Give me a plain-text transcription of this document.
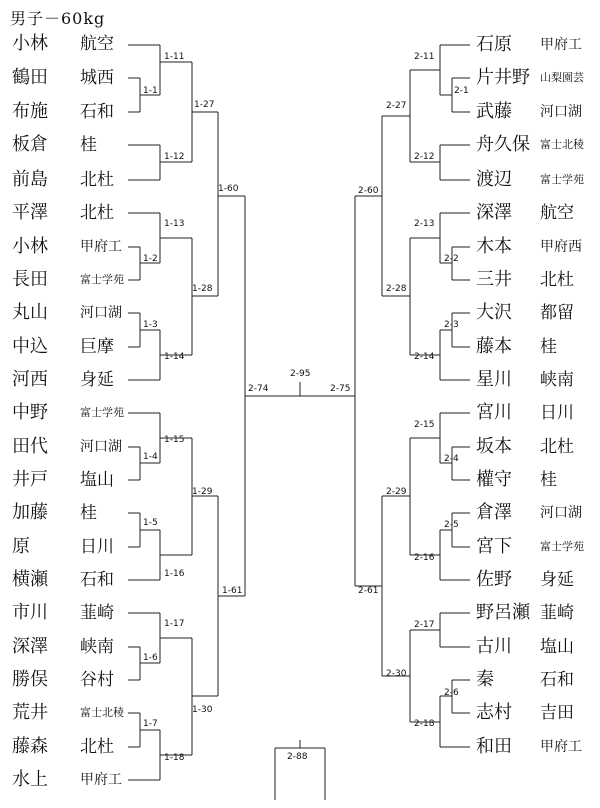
男子－60kg
小林 航空
鶴田 城西
布施 石和
板倉 桂
前島 北杜
平澤 北杜
小林 甲府工
長田	富士学苑
丸山 河口湖
中込 巨摩
河西 身延
中野	富士学苑
田代 河口湖
井戸 塩山
加藤 桂
原	日川
横瀬 石和
市川 韮崎
深澤 峡南
勝俣 谷村
荒井	富士北稜
藤森 北杜
水上 甲府工
石原 甲府工
片井野 山梨園芸
武藤 河口湖
舟久保 富士北稜
渡辺	富士学苑
深澤 航空
木本 甲府西
三井 北杜
大沢 都留
藤本 桂
星川 峡南
宮川 日川
坂本 北杜
權守 桂
倉澤 河口湖
宮下	富士学苑
佐野 身延
野呂瀬 韮崎
古川 塩山
秦	石和
志村 吉田
和田 甲府工
1-11
1-1
1-27
1-12
1-60
1-13
1-2
1-28
1-3
1-14
2-74
1-15
1-4
1-29
1-5
1-16
1-61
1-17
1-6
1-30
1-7
1-18
2-11
2-1
2-27
2-12
2-60
2-13
2-2
2-28
2-3
2-14
2-75
2-15
2-4
2-29
2-5
2-16
2-61
2-17
2-30
2-6
2-18
2-95
2-88
